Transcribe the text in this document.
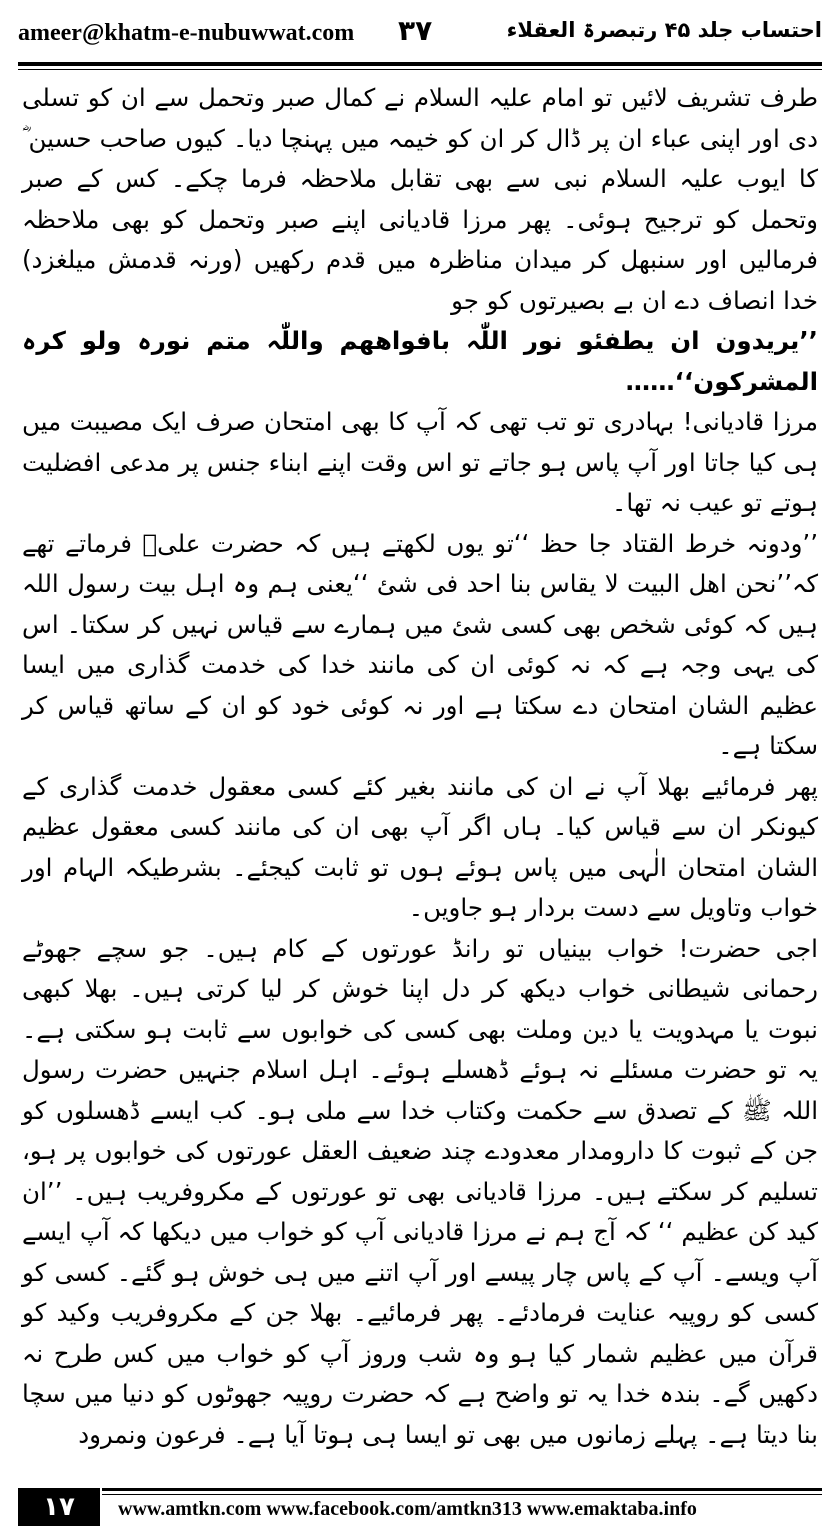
ameer@khatm-e-nubuwwat.com ۳۷	احتساب جلد ۴۵ رتبصرۃ العقلاء

طرف تشریف لائیں تو امام علیہ السلام نے کمال صبر وتحمل سے ان کو تسلی دی اور اپنی عباء ان پر ڈال کر ان کو خیمہ میں پہنچا دیا۔ کیوں صاحب حسین ؓ کا ایوب علیہ السلام نبی سے بھی تقابل ملاحظہ فرما چکے۔ کس کے صبر وتحمل کو ترجیح ہوئی۔ پھر مرزا قادیانی اپنے صبر وتحمل کو بھی ملاحظہ فرمالیں اور سنبھل کر میدان مناظرہ میں قدم رکھیں (ورنہ قدمش میلغزد) خدا انصاف دے ان بے بصیرتوں کو جو

’’یریدون ان یطفئو نور اللّٰہ بافواھھم واللّٰہ متم نورہ ولو کرہ المشرکون‘‘……

مرزا قادیانی! بہادری تو تب تھی کہ آپ کا بھی امتحان صرف ایک مصیبت میں ہی کیا جاتا اور آپ پاس ہو جاتے تو اس وقت اپنے ابناء جنس پر مدعی افضلیت ہوتے تو عیب نہ تھا۔

’’ودونہ خرط القتاد جا حظ ‘‘تو یوں لکھتے ہیں کہ حضرت علیؓ فرماتے تھے کہ’’نحن اھل البیت لا یقاس بنا احد فی شئ ‘‘یعنی ہم وہ اہل بیت رسول اللہ ہیں کہ کوئی شخص بھی کسی شئ میں ہمارے سے قیاس نہیں کر سکتا۔ اس کی یہی وجہ ہے کہ نہ کوئی ان کی مانند خدا کی خدمت گذاری میں ایسا عظیم الشان امتحان دے سکتا ہے اور نہ کوئی خود کو ان کے ساتھ قیاس کر سکتا ہے۔

پھر فرمائیے بھلا آپ نے ان کی مانند بغیر کئے کسی معقول خدمت گذاری کے کیونکر ان سے قیاس کیا۔ ہاں اگر آپ بھی ان کی مانند کسی معقول عظیم الشان امتحان الٰہی میں پاس ہوئے ہوں تو ثابت کیجئے۔ بشرطیکہ الہام اور خواب وتاویل سے دست بردار ہو جاویں۔

اجی حضرت! خواب بینیاں تو رانڈ عورتوں کے کام ہیں۔ جو سچے جھوٹے رحمانی شیطانی خواب دیکھ کر دل اپنا خوش کر لیا کرتی ہیں۔ بھلا کبھی نبوت یا مہدویت یا دین وملت بھی کسی کی خوابوں سے ثابت ہو سکتی ہے۔ یہ تو حضرت مسئلے نہ ہوئے ڈھسلے ہوئے۔ اہل اسلام جنہیں حضرت رسول اللہ ﷺ کے تصدق سے حکمت وکتاب خدا سے ملی ہو۔ کب ایسے ڈھسلوں کو جن کے ثبوت کا دارومدار معدودے چند ضعیف العقل عورتوں کی خوابوں پر ہو، تسلیم کر سکتے ہیں۔ مرزا قادیانی بھی تو عورتوں کے مکروفریب ہیں۔ ’’ان کید کن عظیم ‘‘ کہ آج ہم نے مرزا قادیانی آپ کو خواب میں دیکھا کہ آپ ایسے آپ ویسے۔ آپ کے پاس چار پیسے اور آپ اتنے میں ہی خوش ہو گئے۔ کسی کو کسی کو روپیہ عنایت فرمادئے۔ پھر فرمائیے۔ بھلا جن کے مکروفریب وکید کو قرآن میں عظیم شمار کیا ہو وہ شب وروز آپ کو خواب میں کس طرح نہ دکھیں گے۔ بندہ خدا یہ تو واضح ہے کہ حضرت روپیہ جھوٹوں کو دنیا میں سچا بنا دیتا ہے۔ پہلے زمانوں میں بھی تو ایسا ہی ہوتا آیا ہے۔ فرعون ونمرود

۱۷	www.amtkn.com www.facebook.com/amtkn313 www.emaktaba.info
